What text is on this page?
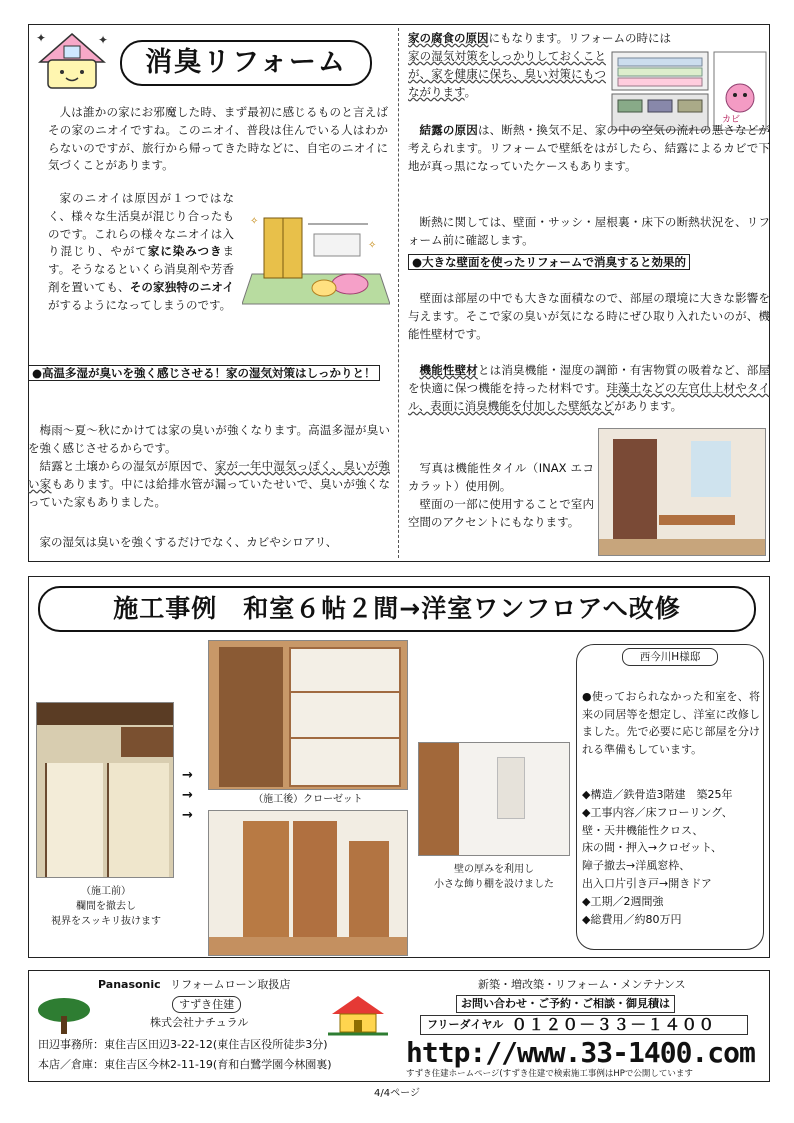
✦	✦
消臭リフォーム

人は誰かの家にお邪魔した時、まず最初に感じるものと言えばその家のニオイですね。このニオイ、普段は住んでいる人はわからないのですが、旅行から帰ってきた時などに、自宅のニオイに気づくことがあります。

家のニオイは原因が１つではなく、様々な生活臭が混じり合ったものです。これらの様々なニオイは入り混じり、やがて家に染みつきます。そうなるといくら消臭剤や芳香剤を置いても、その家独特のニオイがするようになってしまうのです。

✧
✧
●高温多湿が臭いを強く感じさせる！家の湿気対策はしっかりと！

梅雨～夏～秋にかけては家の臭いが強くなります。高温多湿が臭いを強く感じさせるからです。

結露と土壌からの湿気が原因で、家が一年中湿気っぽく、臭いが強い家もあります。中には給排水管が漏っていたせいで、臭いが強くなっていた家もありました。

家の湿気は臭いを強くするだけでなく、カビやシロアリ、

家の腐食の原因にもなります。リフォームの時には

家の湿気対策をしっかりしておくことが、家を健康に保ち、臭い対策にもつながります。

カビ

結露の原因は、断熱・換気不足、家の中の空気の流れの悪さなどが考えられます。リフォームで壁紙をはがしたら、結露によるカビで下地が真っ黒になっていたケースもあります。

断熱に関しては、壁面・サッシ・屋根裏・床下の断熱状況を、リフォーム前に確認します。

●大きな壁面を使ったリフォームで消臭すると効果的

壁面は部屋の中でも大きな面積なので、部屋の環境に大きな影響を与えます。そこで家の臭いが気になる時にぜひ取り入れたいのが、機能性壁材です。

機能性壁材とは消臭機能・湿度の調節・有害物質の吸着など、部屋を快適に保つ機能を持った材料です。珪藻土などの左官仕上材やタイル、表面に消臭機能を付加した壁紙などがあります。

写真は機能性タイル（INAX エコカラット）使用例。

壁面の一部に使用することで室内空間のアクセントにもなります。

施工事例　和室６帖２間→洋室ワンフロアへ改修
（施工前）
欄間を撤去し
視界をスッキリ抜けます
→
→
→
（施工後）クローゼット
壁の厚みを利用し
小さな飾り棚を設けました
西今川H様邸

●使っておられなかった和室を、将来の同居等を想定し、洋室に改修しました。先で必要に応じ部屋を分けれる準備もしています。

◆構造／鉄骨造3階建　築25年
◆工事内容／床フローリング、
壁・天井機能性クロス、
床の間・押入→クロゼット、
障子撤去→洋風窓枠、
出入口片引き戸→開きドア
◆工期／2週間強
◆総費用／約80万円
Panasonic リフォームローン取扱店
すずき住建
株式会社ナチュラル
田辺事務所：東住吉区田辺3-22-12(東住吉区役所徒歩3分)
本店／倉庫：東住吉区今林2-11-19(育和白鷺学園今林園裏)
新築・増改築・リフォーム・メンテナンス
お問い合わせ・ご予約・ご相談・御見積は
フリーダイヤル ０１２０－３３－１４００
http://www.33-1400.com
すずき住建ホームページ(すずき住建で検索施工事例はHPで公開しています
4/4ページ
